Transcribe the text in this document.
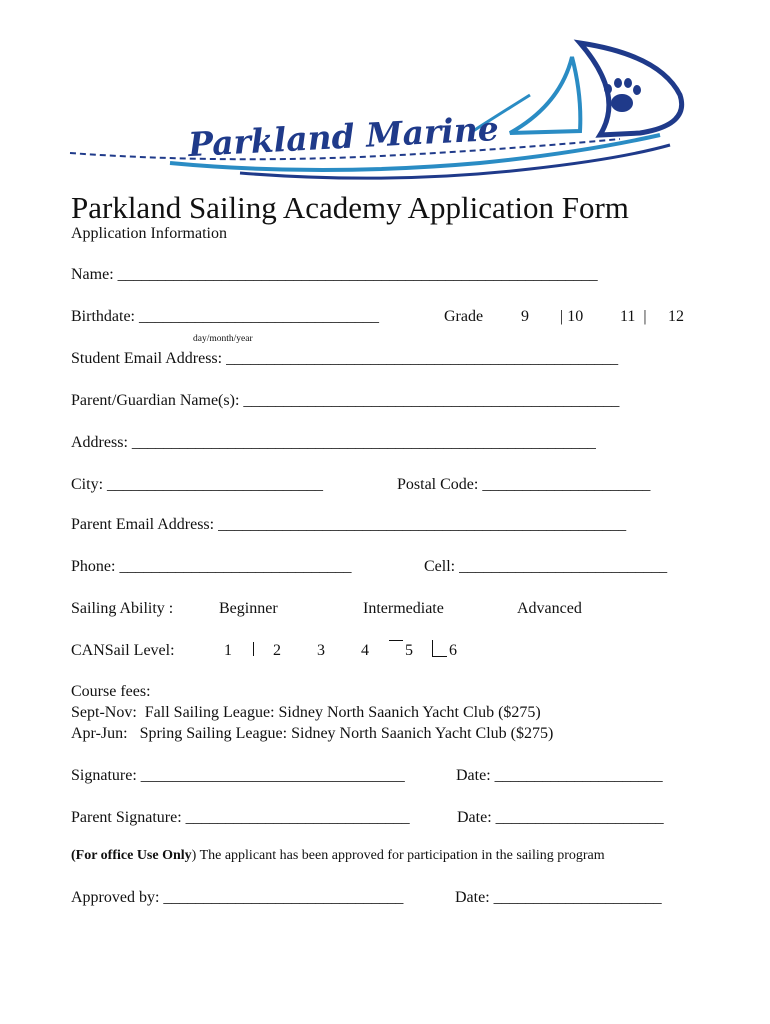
Parkland Marine
Parkland Sailing Academy Application Form
Application Information
Name: ____________________________________________________________
Birthdate: ______________________________
day/month/year
Grade 9 | 10 11  | 12
Student Email Address: _________________________________________________
Parent/Guardian Name(s): _______________________________________________
Address: __________________________________________________________
City: ___________________________	Postal Code: _____________________
Parent Email Address: ___________________________________________________
Phone: _____________________________	Cell: __________________________
Sailing Ability :	Beginner	Intermediate	Advanced
CANSail Level:	1	2 3 4 5 6
Course fees:
Sept-Nov:  Fall Sailing League: Sidney North Saanich Yacht Club ($275)
Apr-Jun:   Spring Sailing League: Sidney North Saanich Yacht Club ($275)
Signature: _________________________________	Date: _____________________
Parent Signature: ____________________________	Date: _____________________
(For office Use Only) The applicant has been approved for participation in the sailing program
Approved by: ______________________________	Date: _____________________
